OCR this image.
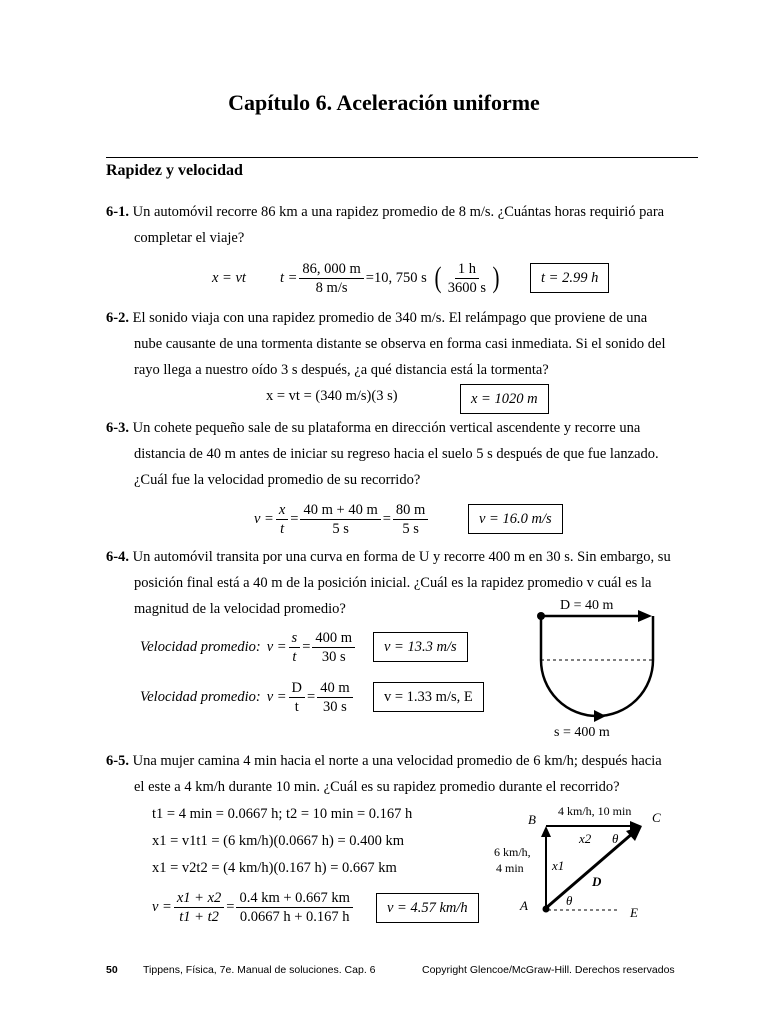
Capítulo 6. Aceleración uniforme
Rapidez y velocidad
6-1. Un automóvil recorre 86 km a una rapidez promedio de 8 m/s. ¿Cuántas horas requirió para
completar el viaje?
x = vt $t = \frac{86, 000 m}{8 m/s} =10$, 750 s ( $\frac{1 h}{3600 s}$ )	t = 2.99 h
6-2. El sonido viaja con una rapidez promedio de 340 m/s. El relámpago que proviene de una
nube causante de una tormenta distante se observa en forma casi inmediata. Si el sonido del
rayo llega a nuestro oído 3 s después, ¿a qué distancia está la tormenta?
x = vt = (340 m/s)(3 s)	x = 1020 m
6-3. Un cohete pequeño sale de su plataforma en dirección vertical ascendente y recorre una
distancia de 40 m antes de iniciar su regreso hacia el suelo 5 s después de que fue lanzado.
¿Cuál fue la velocidad promedio de su recorrido?
$v = \frac{x}{t} = \frac{40 m + 40 m}{5 s} = \frac{80 m}{5 s}$	v = 16.0 m/s
6-4. Un automóvil transita por una curva en forma de U y recorre 400 m en 30 s. Sin embargo, su
posición final está a 40 m de la posición inicial. ¿Cuál es la rapidez promedio v cuál es la
magnitud de la velocidad promedio?
Velocidad promedio: $v = \frac{s}{t} = \frac{400 m}{30 s}$	v = 13.3 m/s
Velocidad promedio: $v = \frac{D}{t} = \frac{40 m}{30 s}$	v = 1.33 m/s, E
D = 40 m
s = 400 m
6-5. Una mujer camina 4 min hacia el norte a una velocidad promedio de 6 km/h; después hacia
el este a 4 km/h durante 10 min. ¿Cuál es su rapidez promedio durante el recorrido?
t1 = 4 min = 0.0667 h; t2 = 10 min = 0.167 h
x1 = v1t1 = (6 km/h)(0.0667 h) = 0.400 km
x1 = v2t2 = (4 km/h)(0.167 h) = 0.667 km
$v = \frac{x1 + x2}{t1 + t2} = \frac{0.4 km + 0.667 km}{0.0667 h + 0.167 h}$	v = 4.57 km/h
B	C
A	E
x2
x1
θ
θ
D
4 km/h, 10 min
6 km/h,
4 min
50 Tippens, Física, 7e. Manual de soluciones. Cap. 6	Copyright Glencoe/McGraw-Hill. Derechos reservados
